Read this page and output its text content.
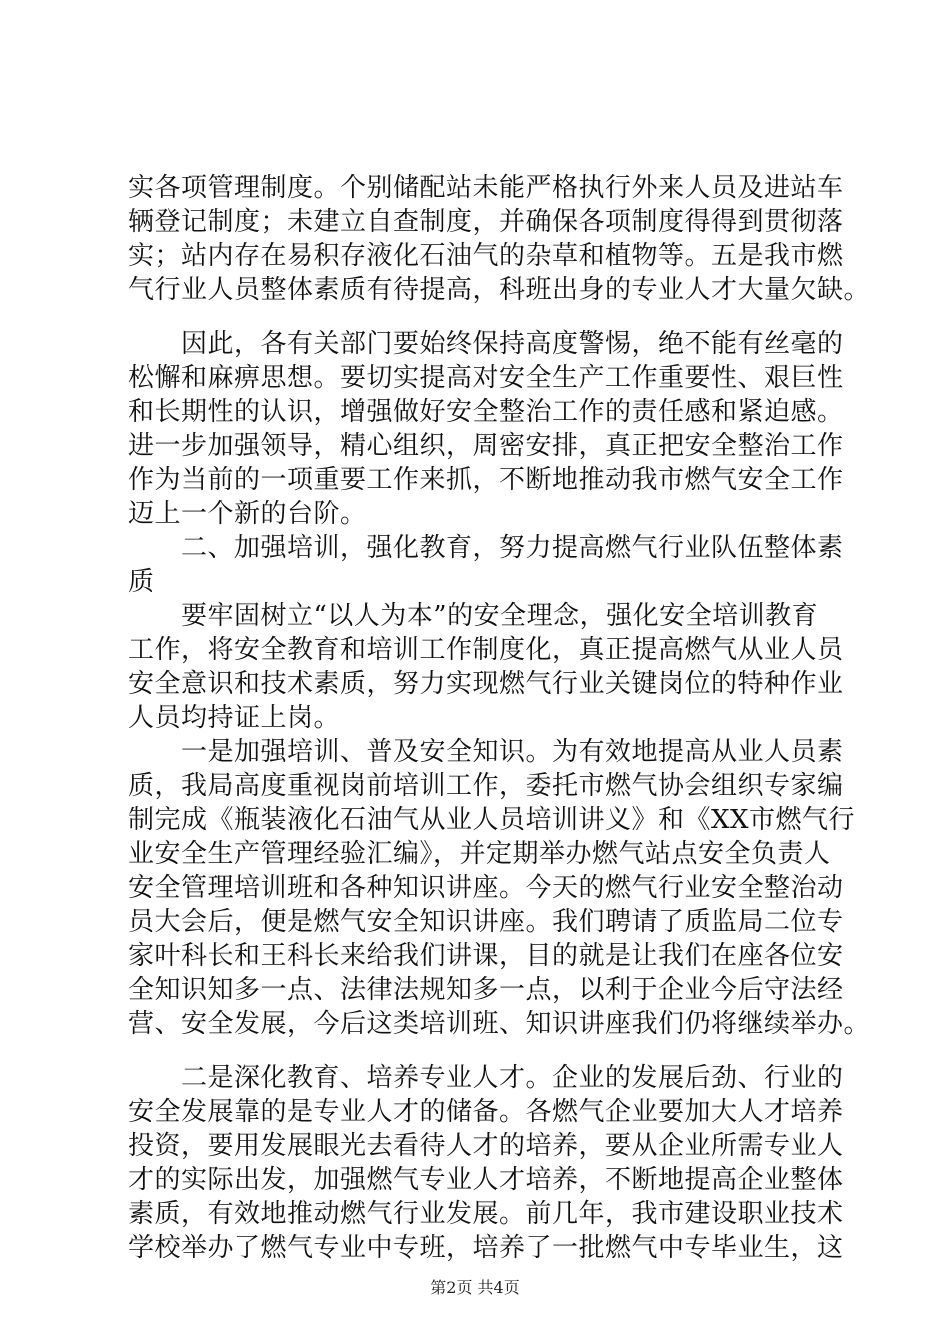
实各项管理制度。个别储配站未能严格执行外来人员及进站车
辆登记制度；未建立自查制度，并确保各项制度得得到贯彻落
实；站内存在易积存液化石油气的杂草和植物等。五是我市燃
气行业人员整体素质有待提高，科班出身的专业人才大量欠缺。
　　因此，各有关部门要始终保持高度警惕，绝不能有丝毫的
松懈和麻痹思想。要切实提高对安全生产工作重要性、艰巨性
和长期性的认识，增强做好安全整治工作的责任感和紧迫感。
进一步加强领导，精心组织，周密安排，真正把安全整治工作
作为当前的一项重要工作来抓，不断地推动我市燃气安全工作
迈上一个新的台阶。
　　二、加强培训，强化教育，努力提高燃气行业队伍整体素
质
　　要牢固树立“以人为本”的安全理念，强化安全培训教育
工作，将安全教育和培训工作制度化，真正提高燃气从业人员
安全意识和技术素质，努力实现燃气行业关键岗位的特种作业
人员均持证上岗。
　　一是加强培训、普及安全知识。为有效地提高从业人员素
质，我局高度重视岗前培训工作，委托市燃气协会组织专家编
制完成《瓶装液化石油气从业人员培训讲义》和《XX市燃气行
业安全生产管理经验汇编》，并定期举办燃气站点安全负责人
安全管理培训班和各种知识讲座。今天的燃气行业安全整治动
员大会后，便是燃气安全知识讲座。我们聘请了质监局二位专
家叶科长和王科长来给我们讲课，目的就是让我们在座各位安
全知识知多一点、法律法规知多一点，以利于企业今后守法经
营、安全发展，今后这类培训班、知识讲座我们仍将继续举办。
　　二是深化教育、培养专业人才。企业的发展后劲、行业的
安全发展靠的是专业人才的储备。各燃气企业要加大人才培养
投资，要用发展眼光去看待人才的培养，要从企业所需专业人
才的实际出发，加强燃气专业人才培养，不断地提高企业整体
素质，有效地推动燃气行业发展。前几年，我市建设职业技术
学校举办了燃气专业中专班，培养了一批燃气中专毕业生，这
第2页 共4页
